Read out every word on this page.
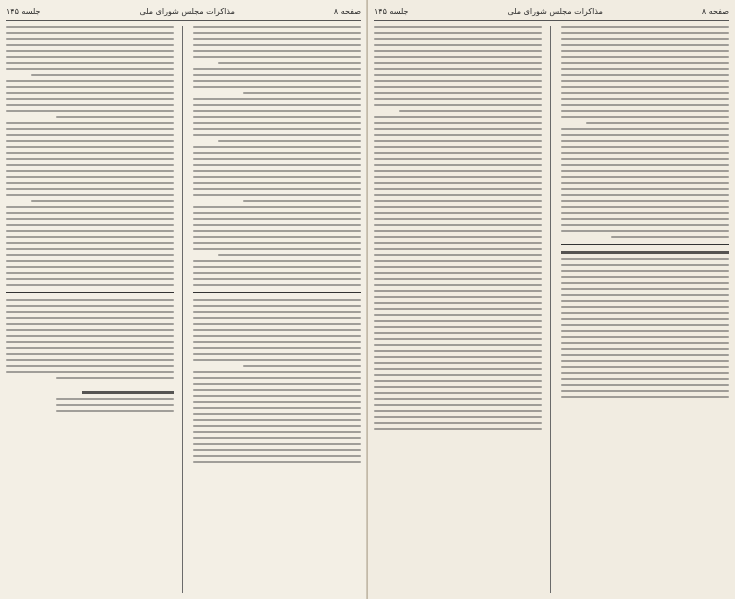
صفحه ۸
مذاکرات مجلس شورای ملی
جلسه ۱۴۵	صفحه ۸
مذاکرات مجلس شورای ملی
جلسه ۱۴۵
